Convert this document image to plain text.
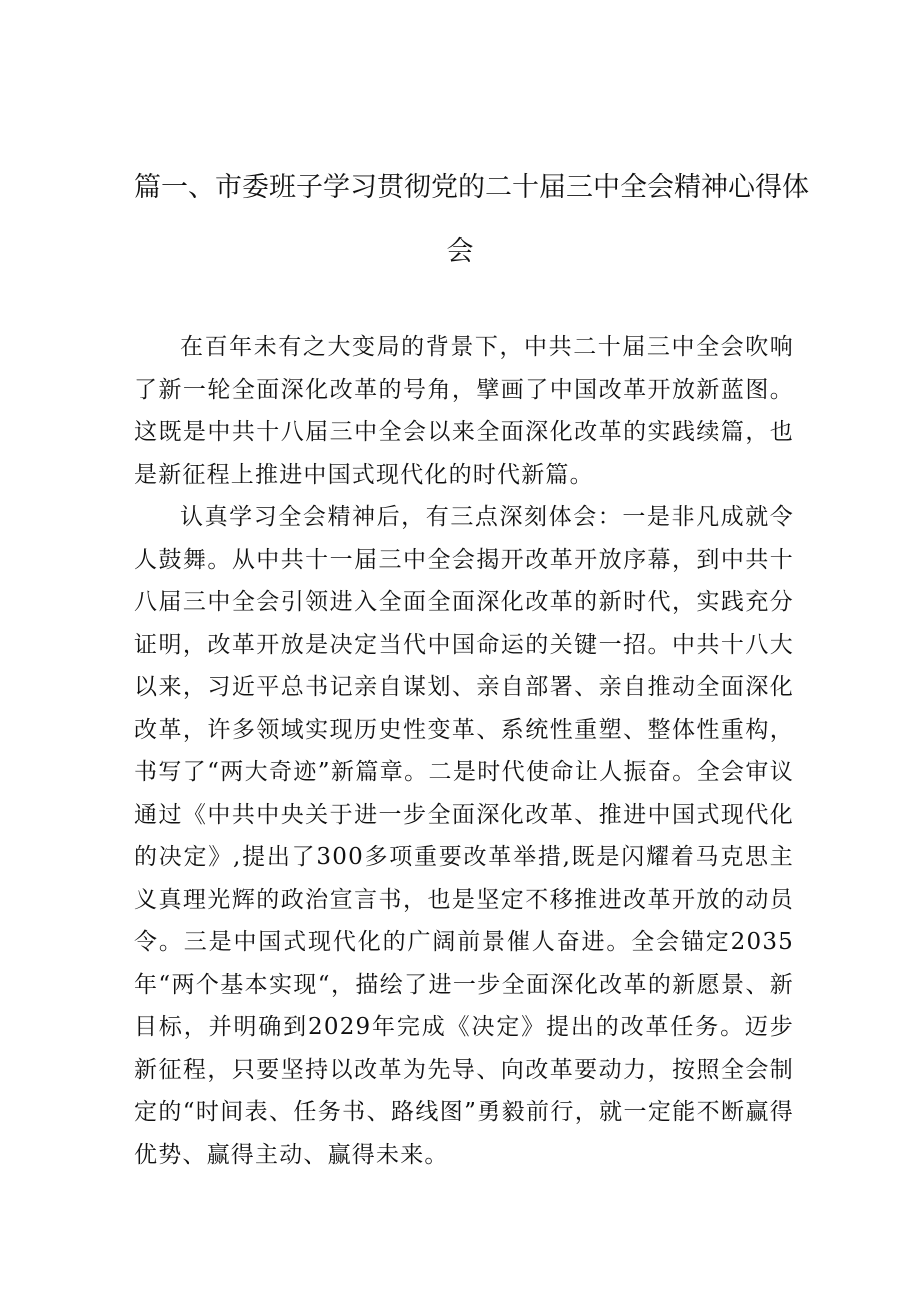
篇一、市委班子学习贯彻党的二十届三中全会精神心得体
会

在百年未有之大变局的背景下，中共二十届三中全会吹响了新一轮全面深化改革的号角，擘画了中国改革开放新蓝图。这既是中共十八届三中全会以来全面深化改革的实践续篇，也是新征程上推进中国式现代化的时代新篇。

认真学习全会精神后，有三点深刻体会：一是非凡成就令人鼓舞。从中共十一届三中全会揭开改革开放序幕，到中共十八届三中全会引领进入全面全面深化改革的新时代，实践充分证明，改革开放是决定当代中国命运的关键一招。中共十八大以来，习近平总书记亲自谋划、亲自部署、亲自推动全面深化改革，许多领域实现历史性变革、系统性重塑、整体性重构，书写了“两大奇迹”新篇章。二是时代使命让人振奋。全会审议通过《中共中央关于进一步全面深化改革、推进中国式现代化的决定》,提出了300多项重要改革举措,既是闪耀着马克思主义真理光辉的政治宣言书，也是坚定不移推进改革开放的动员令。三是中国式现代化的广阔前景催人奋进。全会锚定2035年“两个基本实现“，描绘了进一步全面深化改革的新愿景、新目标，并明确到2029年完成《决定》提出的改革任务。迈步新征程，只要坚持以改革为先导、向改革要动力，按照全会制定的“时间表、任务书、路线图”勇毅前行，就一定能不断赢得优势、赢得主动、赢得未来。
